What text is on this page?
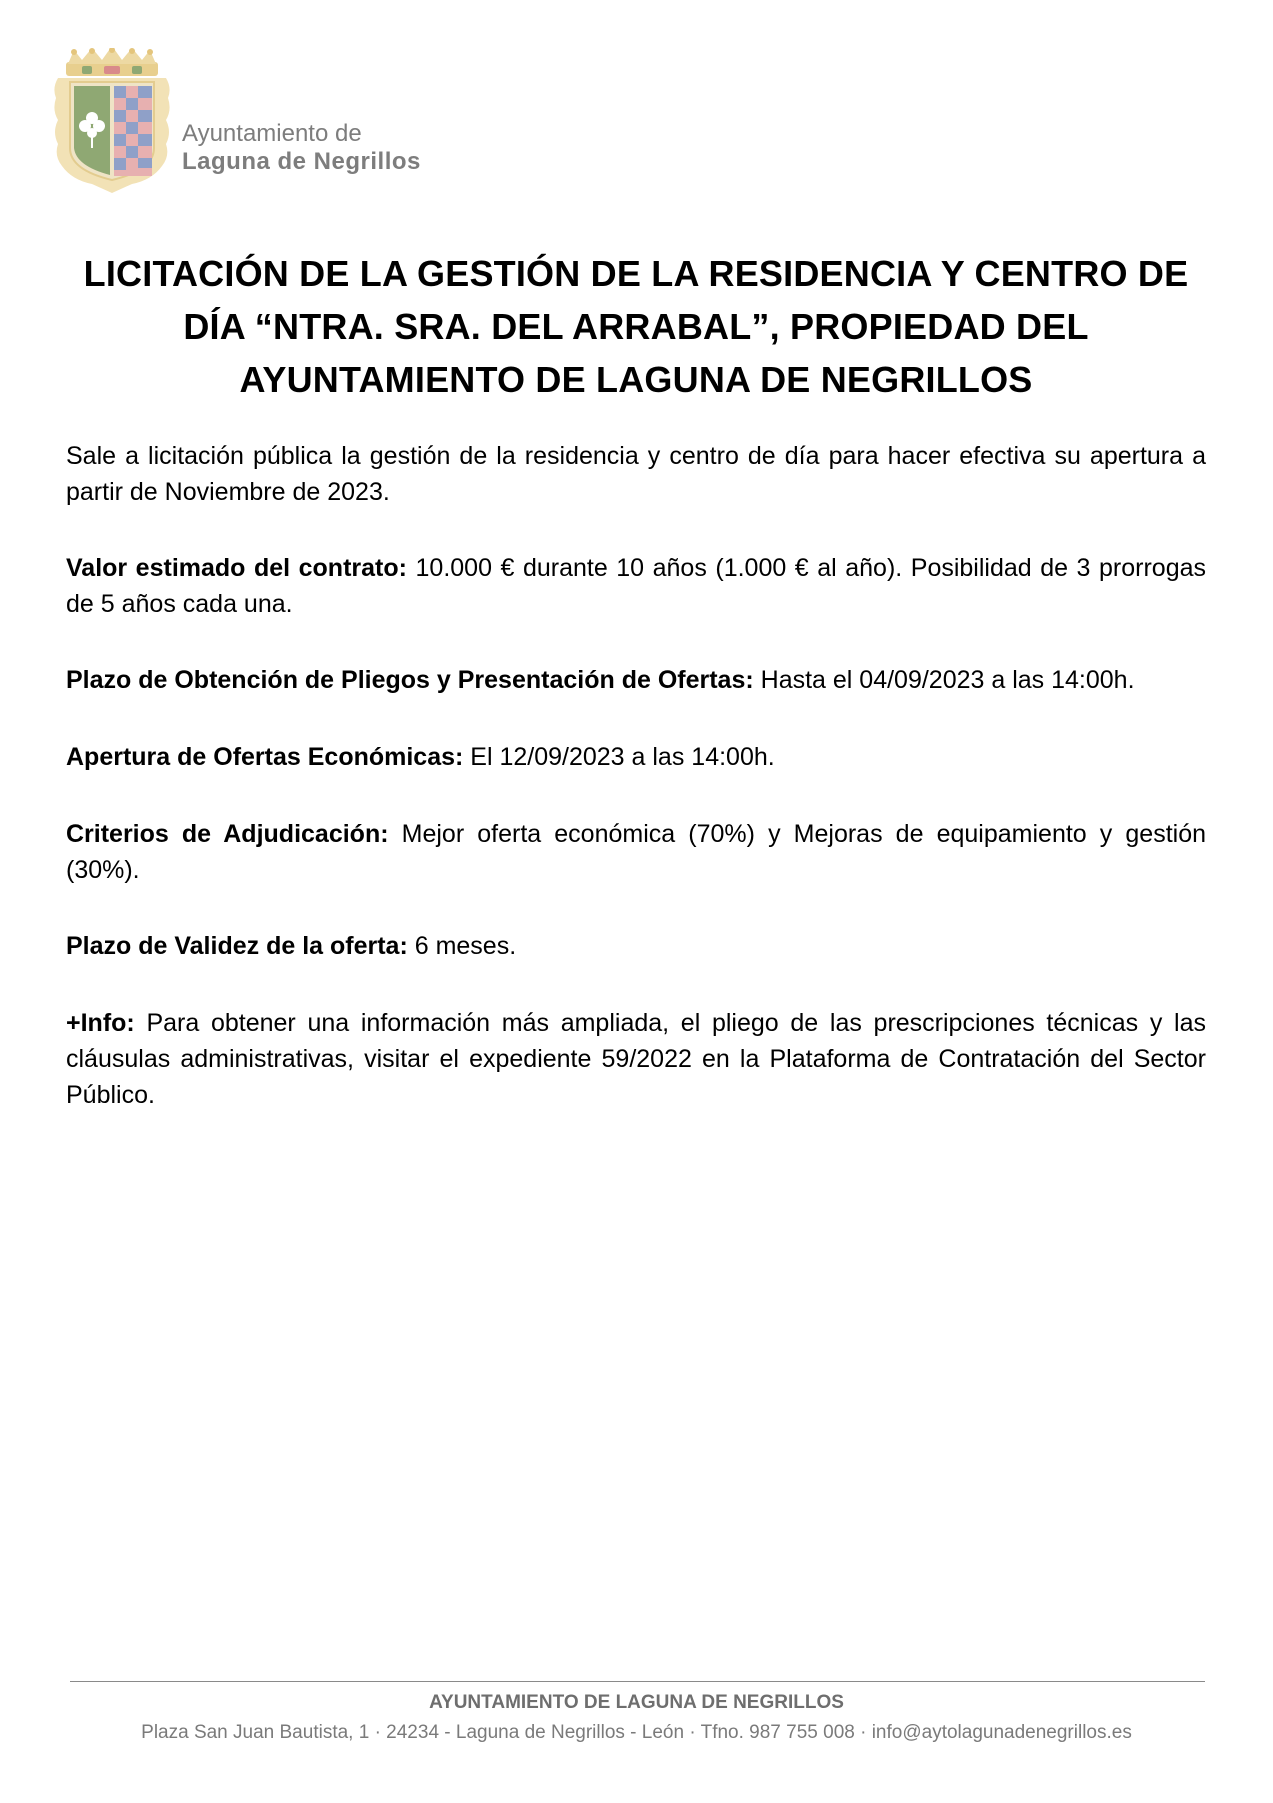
Ayuntamiento de
Laguna de Negrillos
LICITACIÓN DE LA GESTIÓN DE LA RESIDENCIA Y CENTRO DE
DÍA “NTRA. SRA. DEL ARRABAL”, PROPIEDAD DEL
AYUNTAMIENTO DE LAGUNA DE NEGRILLOS

Sale a licitación pública la gestión de la residencia y centro de día para hacer efectiva su apertura a partir de Noviembre de 2023.

Valor estimado del contrato: 10.000 € durante 10 años (1.000 € al año). Posibilidad de 3 prorrogas de 5 años cada una.

Plazo de Obtención de Pliegos y Presentación de Ofertas: Hasta el 04/09/2023 a las 14:00h.

Apertura de Ofertas Económicas: El 12/09/2023 a las 14:00h.

Criterios de Adjudicación: Mejor oferta económica (70%) y Mejoras de equipamiento y gestión (30%).

Plazo de Validez de la oferta: 6 meses.

+Info: Para obtener una información más ampliada, el pliego de las prescripciones técnicas y las cláusulas administrativas, visitar el expediente 59/2022 en la Plataforma de Contratación del Sector Público.

AYUNTAMIENTO DE LAGUNA DE NEGRILLOS
Plaza San Juan Bautista, 1 · 24234 - Laguna de Negrillos - León · Tfno. 987 755 008 · info@aytolagunadenegrillos.es
